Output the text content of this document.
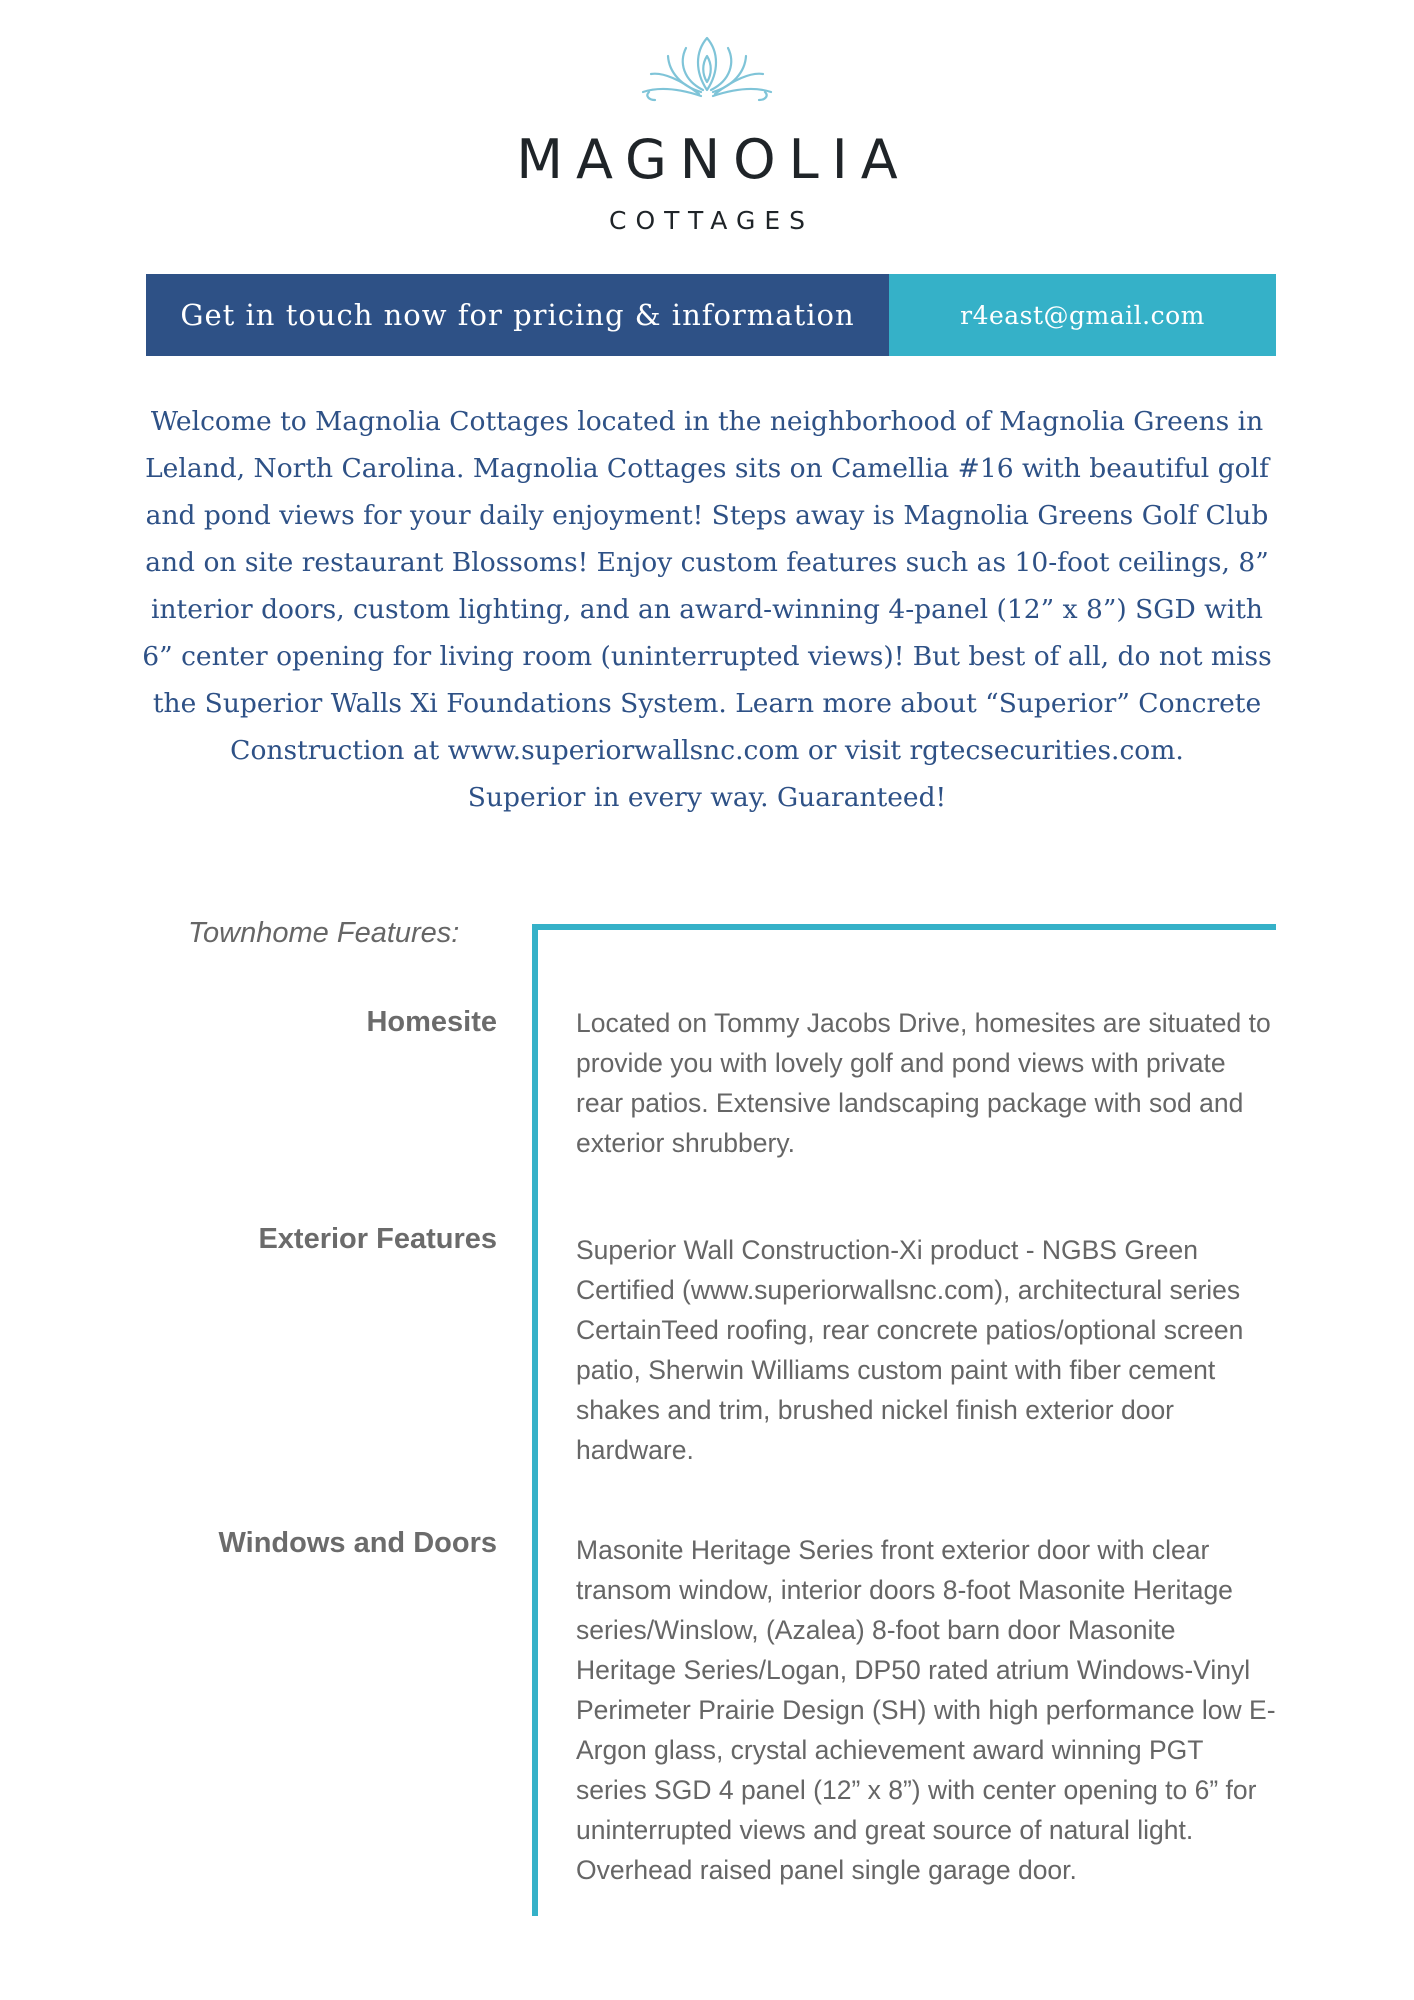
MAGNOLIA
COTTAGES
Get in touch now for pricing & information	r4east@gmail.com

Welcome to Magnolia Cottages located in the neighborhood of Magnolia Greens in Leland, North Carolina. Magnolia Cottages sits on Camellia #16 with beautiful golf and pond views for your daily enjoyment! Steps away is Magnolia Greens Golf Club and on site restaurant Blossoms! Enjoy custom features such as 10-foot ceilings, 8” interior doors, custom lighting, and an award-winning 4-panel (12” x 8”) SGD with 6” center opening for living room (uninterrupted views)! But best of all, do not miss the Superior Walls Xi Foundations System. Learn more about “Superior” Concrete Construction at www.superiorwallsnc.com or visit rgtecsecurities.com.

Superior in every way. Guaranteed!

Townhome Features:
Homesite	Located on Tommy Jacobs Drive, homesites are situated to provide you with lovely golf and pond views with private rear patios. Extensive landscaping package with sod and exterior shrubbery.
Exterior Features	Superior Wall Construction-Xi product - NGBS Green Certified (www.superiorwallsnc.com), architectural series CertainTeed roofing, rear concrete patios/optional screen patio, Sherwin Williams custom paint with fiber cement shakes and trim, brushed nickel finish exterior door hardware.
Windows and Doors	Masonite Heritage Series front exterior door with clear transom window, interior doors 8-foot Masonite Heritage series/Winslow, (Azalea) 8-foot barn door Masonite Heritage Series/Logan, DP50 rated atrium Windows-Vinyl Perimeter Prairie Design (SH) with high performance low E-Argon glass, crystal achievement award winning PGT series SGD 4 panel (12” x 8”) with center opening to 6” for uninterrupted views and great source of natural light. Overhead raised panel single garage door.
